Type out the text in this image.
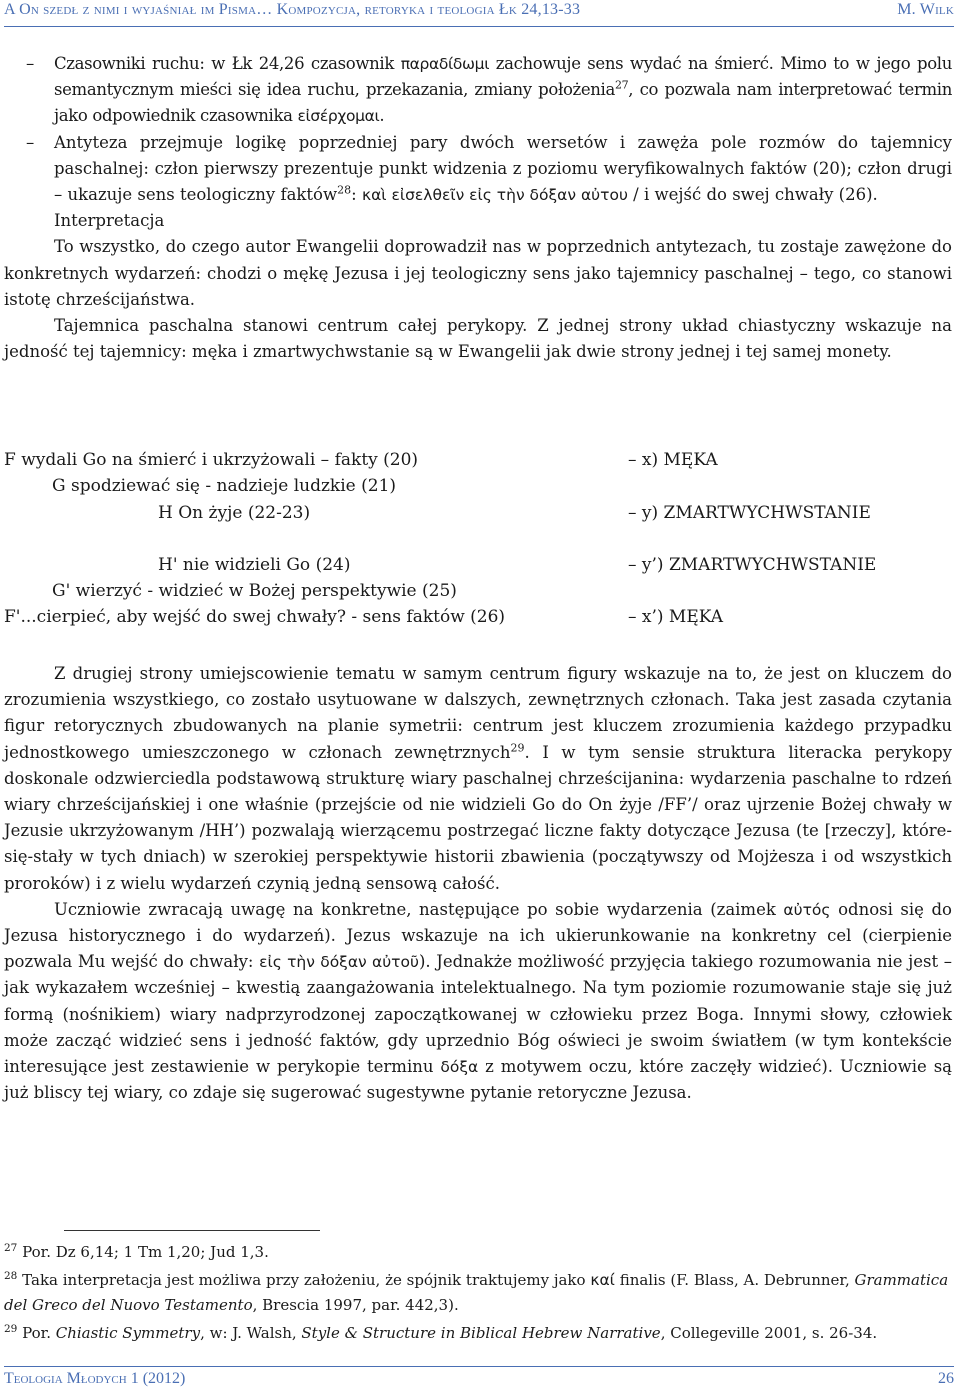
A On szedł z nimi i wyjaśniał im Pisma… Kompozycja, retoryka i teologia Łk 24,13-33	M. Wilk

– Czasowniki ruchu: w Łk 24,26 czasownik παραδίδωμι zachowuje sens wydać na śmierć. Mimo to w jego polu semantycznym mieści się idea ruchu, przekazania, zmiany położenia$^{27}$, co pozwala nam interpretować termin jako odpowiednik czasownika εἰσέρχομαι.

– Antyteza przejmuje logikę poprzedniej pary dwóch wersetów i zawęża pole rozmów do tajemnicy paschalnej: człon pierwszy prezentuje punkt widzenia z poziomu weryfikowalnych faktów (20); człon drugi – ukazuje sens teologiczny faktów$^{28}$: καὶ εἰσελθεῖν εἰς τὴν δόξαν αὐτου / i wejść do swej chwały (26).

Interpretacja

To wszystko, do czego autor Ewangelii doprowadził nas w poprzednich antytezach, tu zostaje zawężone do konkretnych wydarzeń: chodzi o mękę Jezusa i jej teologiczny sens jako tajemnicy paschalnej – tego, co stanowi istotę chrześcijaństwa.

Tajemnica paschalna stanowi centrum całej perykopy. Z jednej strony układ chiastyczny wskazuje na jedność tej tajemnicy: męka i zmartwychwstanie są w Ewangelii jak dwie strony jednej i tej samej monety.

F wydali Go na śmierć i ukrzyżowali – fakty (20)	– x) MĘKA
G spodziewać się - nadzieje ludzkie (21)
H On żyje (22-23)	– y) ZMARTWYCHWSTANIE
H' nie widzieli Go (24)	– y’) ZMARTWYCHWSTANIE
G' wierzyć - widzieć w Bożej perspektywie (25)
F'...cierpieć, aby wejść do swej chwały? - sens faktów (26)	– x’) MĘKA

Z drugiej strony umiejscowienie tematu w samym centrum figury wskazuje na to, że jest on kluczem do zrozumienia wszystkiego, co zostało usytuowane w dalszych, zewnętrznych członach. Taka jest zasada czytania figur retorycznych zbudowanych na planie symetrii: centrum jest kluczem zrozumienia każdego przypadku jednostkowego umieszczonego w członach zewnętrznych$^{29}$. I w tym sensie struktura literacka perykopy doskonale odzwierciedla podstawową strukturę wiary paschalnej chrześcijanina: wydarzenia paschalne to rdzeń wiary chrześcijańskiej i one właśnie (przejście od nie widzieli Go do On żyje /FF’/ oraz ujrzenie Bożej chwały w Jezusie ukrzyżowanym /HH’) pozwalają wierzącemu postrzegać liczne fakty dotyczące Jezusa (te [rzeczy], które-się-stały w tych dniach) w szerokiej perspektywie historii zbawienia (początywszy od Mojżesza i od wszystkich proroków) i z wielu wydarzeń czynią jedną sensową całość.

Uczniowie zwracają uwagę na konkretne, następujące po sobie wydarzenia (zaimek αὐτός odnosi się do Jezusa historycznego i do wydarzeń). Jezus wskazuje na ich ukierunkowanie na konkretny cel (cierpienie pozwala Mu wejść do chwały: εἰς τὴν δόξαν αὐτοῦ). Jednakże możliwość przyjęcia takiego rozumowania nie jest – jak wykazałem wcześniej – kwestią zaangażowania intelektualnego. Na tym poziomie rozumowanie staje się już formą (nośnikiem) wiary nadprzyrodzonej zapoczątkowanej w człowieku przez Boga. Innymi słowy, człowiek może zacząć widzieć sens i jedność faktów, gdy uprzednio Bóg oświeci je swoim światłem (w tym kontekście interesujące jest zestawienie w perykopie terminu δόξα z motywem oczu, które zaczęły widzieć). Uczniowie są już bliscy tej wiary, co zdaje się sugerować sugestywne pytanie retoryczne Jezusa.

$^{27}$ Por. Dz 6,14; 1 Tm 1,20; Jud 1,3.

$^{28}$ Taka interpretacja jest możliwa przy założeniu, że spójnik traktujemy jako καί finalis (F. Blass, A. Debrunner, Grammatica del Greco del Nuovo Testamento, Brescia 1997, par. 442,3).

$^{29}$ Por. Chiastic Symmetry, w: J. Walsh, Style & Structure in Biblical Hebrew Narrative, Collegeville 2001, s. 26-34.

Teologia Młodych 1 (2012)	26
